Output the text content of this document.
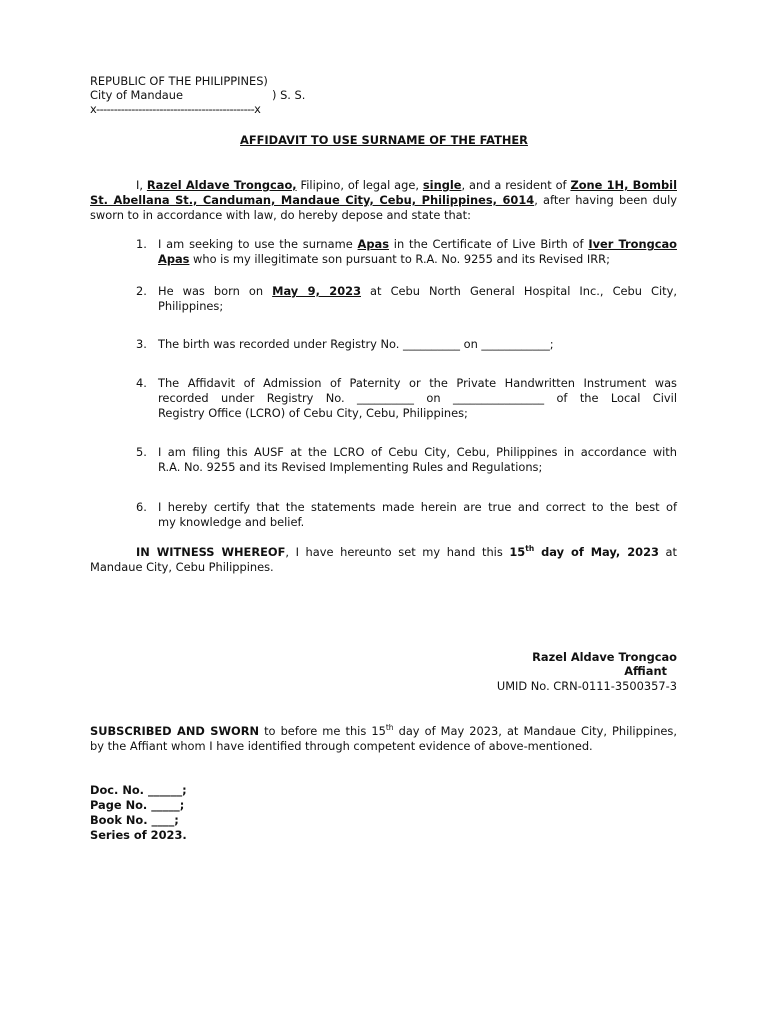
REPUBLIC OF THE PHILIPPINES)
City of Mandaue	) S. S.
x---------------------------------------------x
AFFIDAVIT TO USE SURNAME OF THE FATHER
I, Razel Aldave Trongcao, Filipino, of legal age, single, and a resident of Zone 1H, Bombil
St. Abellana St., Canduman, Mandaue City, Cebu, Philippines, 6014, after having been duly
sworn to in accordance with law, do hereby depose and state that:
1. I am seeking to use the surname Apas in the Certificate of Live Birth of Iver Trongcao
Apas who is my illegitimate son pursuant to R.A. No. 9255 and its Revised IRR;
2. He was born on May 9, 2023 at Cebu North General Hospital Inc., Cebu City,
Philippines;
3. The birth was recorded under Registry No. __________ on ____________;
4. The Affidavit of Admission of Paternity or the Private Handwritten Instrument was
recorded under Registry No. __________ on ________________ of the Local Civil
Registry Office (LCRO) of Cebu City, Cebu, Philippines;
5. I am filing this AUSF at the LCRO of Cebu City, Cebu, Philippines in accordance with
R.A. No. 9255 and its Revised Implementing Rules and Regulations;
6. I hereby certify that the statements made herein are true and correct to the best of
my knowledge and belief.
IN WITNESS WHEREOF, I have hereunto set my hand this 15th day of May, 2023 at
Mandaue City, Cebu Philippines.
Razel Aldave Trongcao
Affiant
UMID No. CRN-0111-3500357-3
SUBSCRIBED AND SWORN to before me this 15th day of May 2023, at Mandaue City, Philippines,
by the Affiant whom I have identified through competent evidence of above-mentioned.
Doc. No. ______;
Page No. _____;
Book No. ____;
Series of 2023.
